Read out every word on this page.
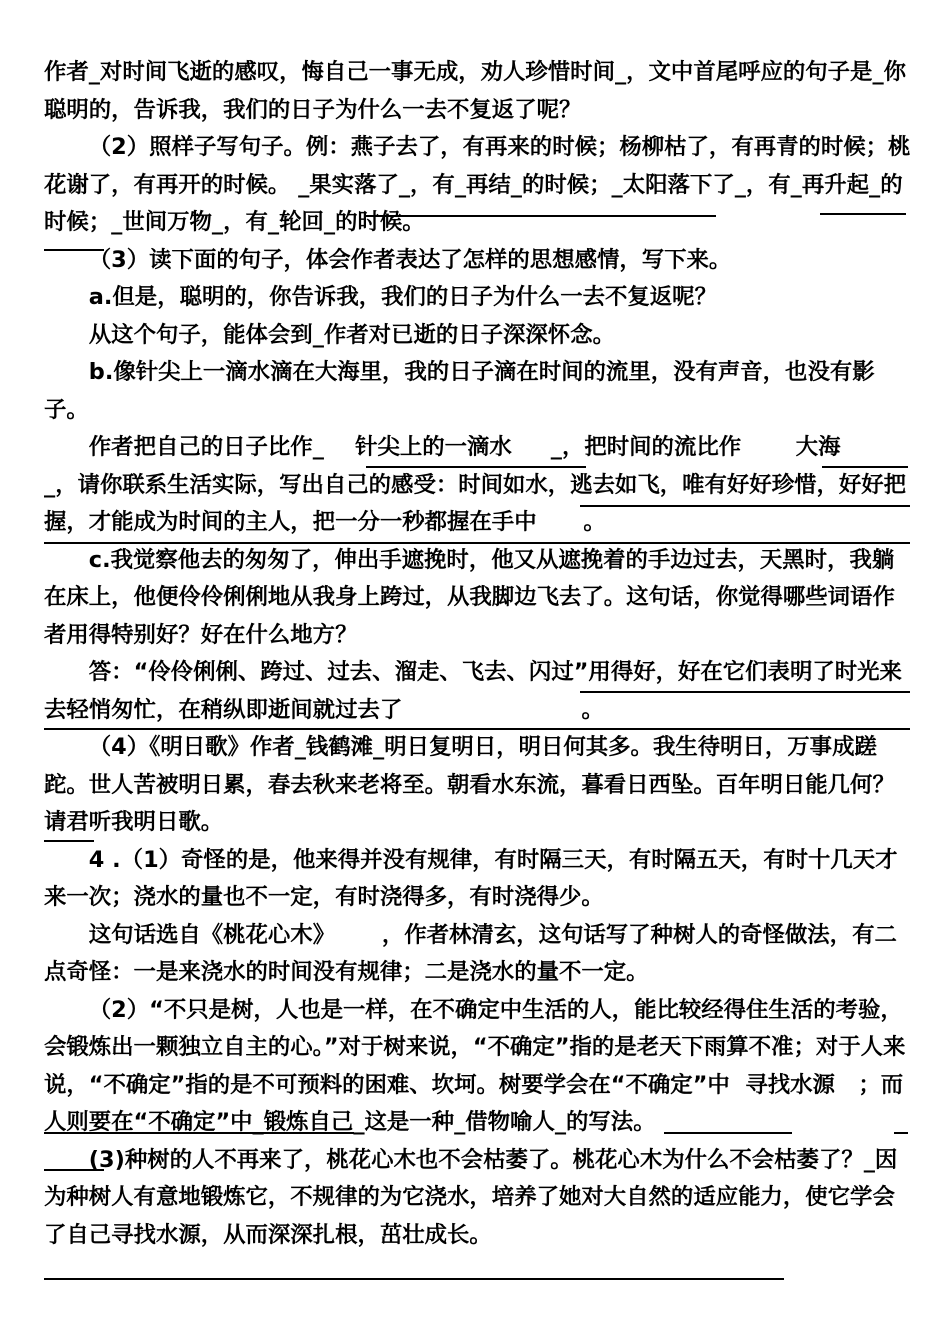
作者_对时间飞逝的感叹，悔自己一事无成，劝人珍惜时间_，文中首尾呼应的句子是_你聪明的，告诉我，我们的日子为什么一去不复返了呢？

（2）照样子写句子。例：燕子去了，有再来的时候；杨柳枯了，有再青的时候；桃花谢了，有再开的时候。 _果实落了_，有_再结_的时候；_太阳落下了_，有_再升起_的时候；_世间万物_，有_轮回_的时候。

（3）读下面的句子，体会作者表达了怎样的思想感情，写下来。

a.但是，聪明的，你告诉我，我们的日子为什么一去不复返呢？

从这个句子，能体会到_作者对已逝的日子深深怀念。

b.像针尖上一滴水滴在大海里，我的日子滴在时间的流里，没有声音，也没有影子。

作者把自己的日子比作_    针尖上的一滴水     _，把时间的流比作       大海     _，请你联系生活实际，写出自己的感受：时间如水，逃去如飞，唯有好好珍惜，好好把握，才能成为时间的主人，把一分一秒都握在手中      。

c.我觉察他去的匆匆了，伸出手遮挽时，他又从遮挽着的手边过去，天黑时，我躺在床上，他便伶伶俐俐地从我身上跨过，从我脚边飞去了。这句话，你觉得哪些词语作者用得特别好？好在什么地方？

答：“伶伶俐俐、跨过、过去、溜走、飞去、闪过”用得好，好在它们表明了时光来去轻悄匆忙，在稍纵即逝间就过去了                       。

（4）《明日歌》作者_钱鹤滩_明日复明日，明日何其多。我生待明日，万事成蹉跎。世人苦被明日累，春去秋来老将至。朝看水东流，暮看日西坠。百年明日能几何？请君听我明日歌。

4 .（1）奇怪的是，他来得并没有规律，有时隔三天，有时隔五天，有时十几天才来一次；浇水的量也不一定，有时浇得多，有时浇得少。

这句话选自《桃花心木》      ，作者林清玄，这句话写了种树人的奇怪做法，有二点奇怪：一是来浇水的时间没有规律；二是浇水的量不一定。

（2）“不只是树，人也是一样，在不确定中生活的人，能比较经得住生活的考验，会锻炼出一颗独立自主的心。”对于树来说，“不确定”指的是老天下雨算不准；对于人来说，“不确定”指的是不可预料的困难、坎坷。树要学会在“不确定”中  寻找水源   ；而人则要在“不确定”中_锻炼自己_这是一种_借物喻人_的写法。

(3)种树的人不再来了，桃花心木也不会枯萎了。桃花心木为什么不会枯萎了？_因为种树人有意地锻炼它，不规律的为它浇水，培养了她对大自然的适应能力，使它学会了自己寻找水源，从而深深扎根，茁壮成长。
